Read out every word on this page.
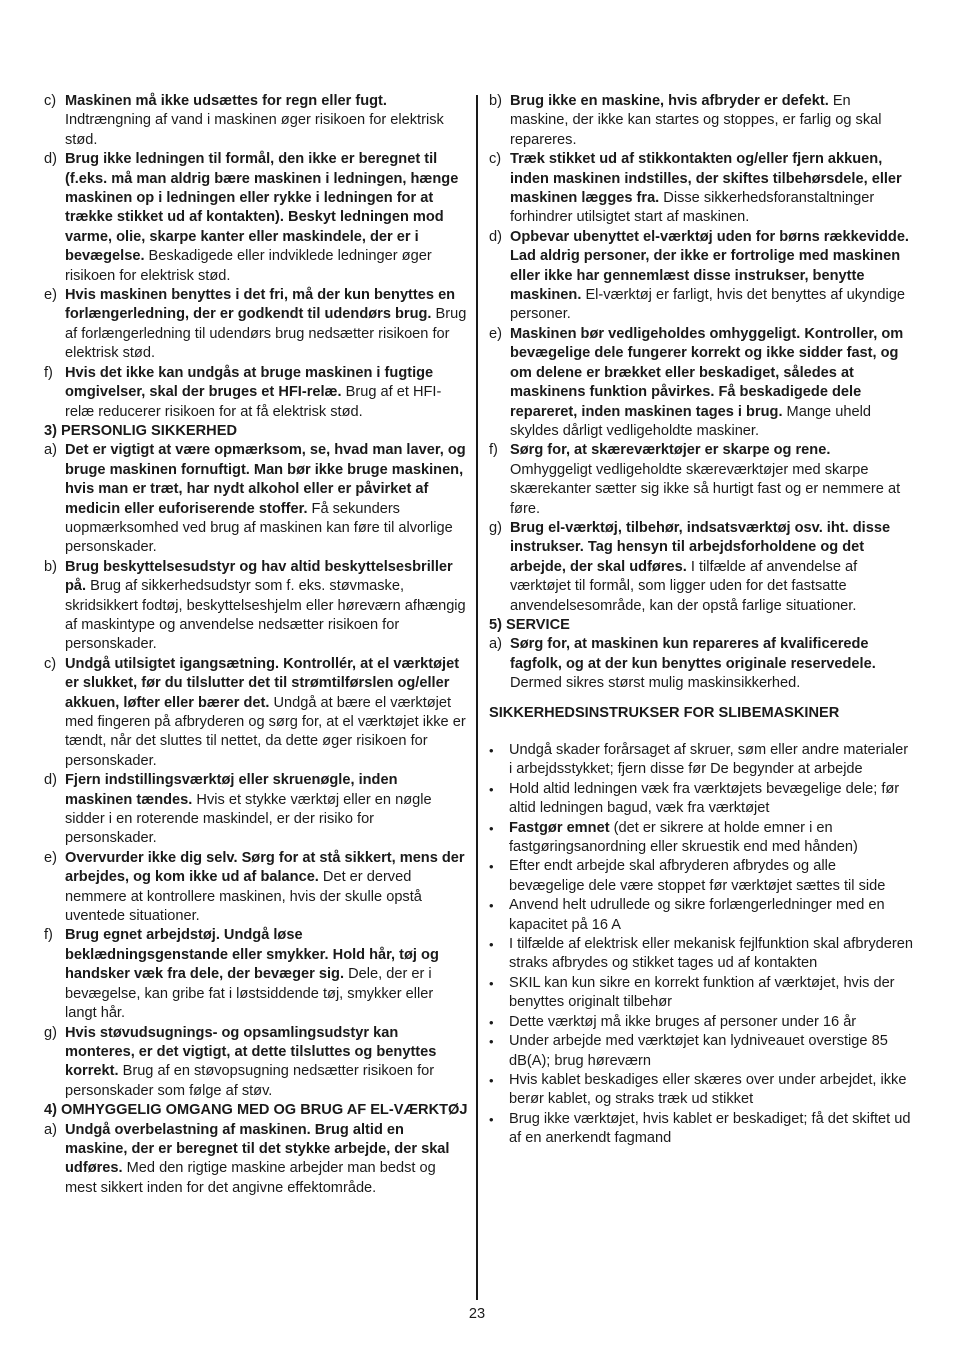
c) Maskinen må ikke udsættes for regn eller fugt. Indtrængning af vand i maskinen øger risikoen for elektrisk stød.
d) Brug ikke ledningen til formål, den ikke er beregnet til (f.eks. må man aldrig bære maskinen i ledningen, hænge maskinen op i ledningen eller rykke i ledningen for at trække stikket ud af kontakten). Beskyt ledningen mod varme, olie, skarpe kanter eller maskindele, der er i bevægelse. Beskadigede eller indviklede ledninger øger risikoen for elektrisk stød.
e) Hvis maskinen benyttes i det fri, må der kun benyttes en forlængerledning, der er godkendt til udendørs brug. Brug af forlængerledning til udendørs brug nedsætter risikoen for elektrisk stød.
f) Hvis det ikke kan undgås at bruge maskinen i fugtige omgivelser, skal der bruges et HFI-relæ. Brug af et HFI-relæ reducerer risikoen for at få elektrisk stød.
3) PERSONLIG SIKKERHED
a) Det er vigtigt at være opmærksom, se, hvad man laver, og bruge maskinen fornuftigt. Man bør ikke bruge maskinen, hvis man er træt, har nydt alkohol eller er påvirket af medicin eller euforiserende stoffer. Få sekunders uopmærksomhed ved brug af maskinen kan føre til alvorlige personskader.
b) Brug beskyttelsesudstyr og hav altid beskyttelsesbriller på. Brug af sikkerhedsudstyr som f. eks. støvmaske, skridsikkert fodtøj, beskyttelseshjelm eller høreværn afhængig af maskintype og anvendelse nedsætter risikoen for personskader.
c) Undgå utilsigtet igangsætning. Kontrollér, at el værktøjet er slukket, før du tilslutter det til strømtilførslen og/eller akkuen, løfter eller bærer det. Undgå at bære el værktøjet med fingeren på afbryderen og sørg for, at el værktøjet ikke er tændt, når det sluttes til nettet, da dette øger risikoen for personskader.
d) Fjern indstillingsværktøj eller skruenøgle, inden maskinen tændes. Hvis et stykke værktøj eller en nøgle sidder i en roterende maskindel, er der risiko for personskader.
e) Overvurder ikke dig selv. Sørg for at stå sikkert, mens der arbejdes, og kom ikke ud af balance. Det er derved nemmere at kontrollere maskinen, hvis der skulle opstå uventede situationer.
f) Brug egnet arbejdstøj. Undgå løse beklædningsgenstande eller smykker. Hold hår, tøj og handsker væk fra dele, der bevæger sig. Dele, der er i bevægelse, kan gribe fat i løstsiddende tøj, smykker eller langt hår.
g) Hvis støvudsugnings- og opsamlingsudstyr kan monteres, er det vigtigt, at dette tilsluttes og benyttes korrekt. Brug af en støvopsugning nedsætter risikoen for personskader som følge af støv.
4) OMHYGGELIG OMGANG MED OG BRUG AF EL-VÆRKTØJ
a) Undgå overbelastning af maskinen. Brug altid en maskine, der er beregnet til det stykke arbejde, der skal udføres. Med den rigtige maskine arbejder man bedst og mest sikkert inden for det angivne effektområde.
b) Brug ikke en maskine, hvis afbryder er defekt. En maskine, der ikke kan startes og stoppes, er farlig og skal repareres.
c) Træk stikket ud af stikkontakten og/eller fjern akkuen, inden maskinen indstilles, der skiftes tilbehørsdele, eller maskinen lægges fra. Disse sikkerhedsforanstaltninger forhindrer utilsigtet start af maskinen.
d) Opbevar ubenyttet el-værktøj uden for børns rækkevidde. Lad aldrig personer, der ikke er fortrolige med maskinen eller ikke har gennemlæst disse instrukser, benytte maskinen. El-værktøj er farligt, hvis det benyttes af ukyndige personer.
e) Maskinen bør vedligeholdes omhyggeligt. Kontroller, om bevægelige dele fungerer korrekt og ikke sidder fast, og om delene er brækket eller beskadiget, således at maskinens funktion påvirkes. Få beskadigede dele repareret, inden maskinen tages i brug. Mange uheld skyldes dårligt vedligeholdte maskiner.
f) Sørg for, at skæreværktøjer er skarpe og rene. Omhyggeligt vedligeholdte skæreværktøjer med skarpe skærekanter sætter sig ikke så hurtigt fast og er nemmere at føre.
g) Brug el-værktøj, tilbehør, indsatsværktøj osv. iht. disse instrukser. Tag hensyn til arbejdsforholdene og det arbejde, der skal udføres. I tilfælde af anvendelse af værktøjet til formål, som ligger uden for det fastsatte anvendelsesområde, kan der opstå farlige situationer.
5) SERVICE
a) Sørg for, at maskinen kun repareres af kvalificerede fagfolk, og at der kun benyttes originale reservedele. Dermed sikres størst mulig maskinsikkerhed.
SIKKERHEDSINSTRUKSER FOR SLIBEMASKINER
•	Undgå skader forårsaget af skruer, søm eller andre materialer i arbejdsstykket; fjern disse før De begynder at arbejde
•	Hold altid ledningen væk fra værktøjets bevægelige dele; før altid ledningen bagud, væk fra værktøjet
•	Fastgør emnet (det er sikrere at holde emner i en fastgøringsanordning eller skruestik end med hånden)
•	Efter endt arbejde skal afbryderen afbrydes og alle bevægelige dele være stoppet før værktøjet sættes til side
•	Anvend helt udrullede og sikre forlængerledninger med en kapacitet på 16 A
•	I tilfælde af elektrisk eller mekanisk fejlfunktion skal afbryderen straks afbrydes og stikket tages ud af kontakten
•	SKIL kan kun sikre en korrekt funktion af værktøjet, hvis der benyttes originalt tilbehør
•	Dette værktøj må ikke bruges af personer under 16 år
•	Under arbejde med værktøjet kan lydniveauet overstige 85 dB(A); brug høreværn
•	Hvis kablet beskadiges eller skæres over under arbejdet, ikke berør kablet, og straks træk ud stikket
•	Brug ikke værktøjet, hvis kablet er beskadiget; få det skiftet ud af en anerkendt fagmand
23
